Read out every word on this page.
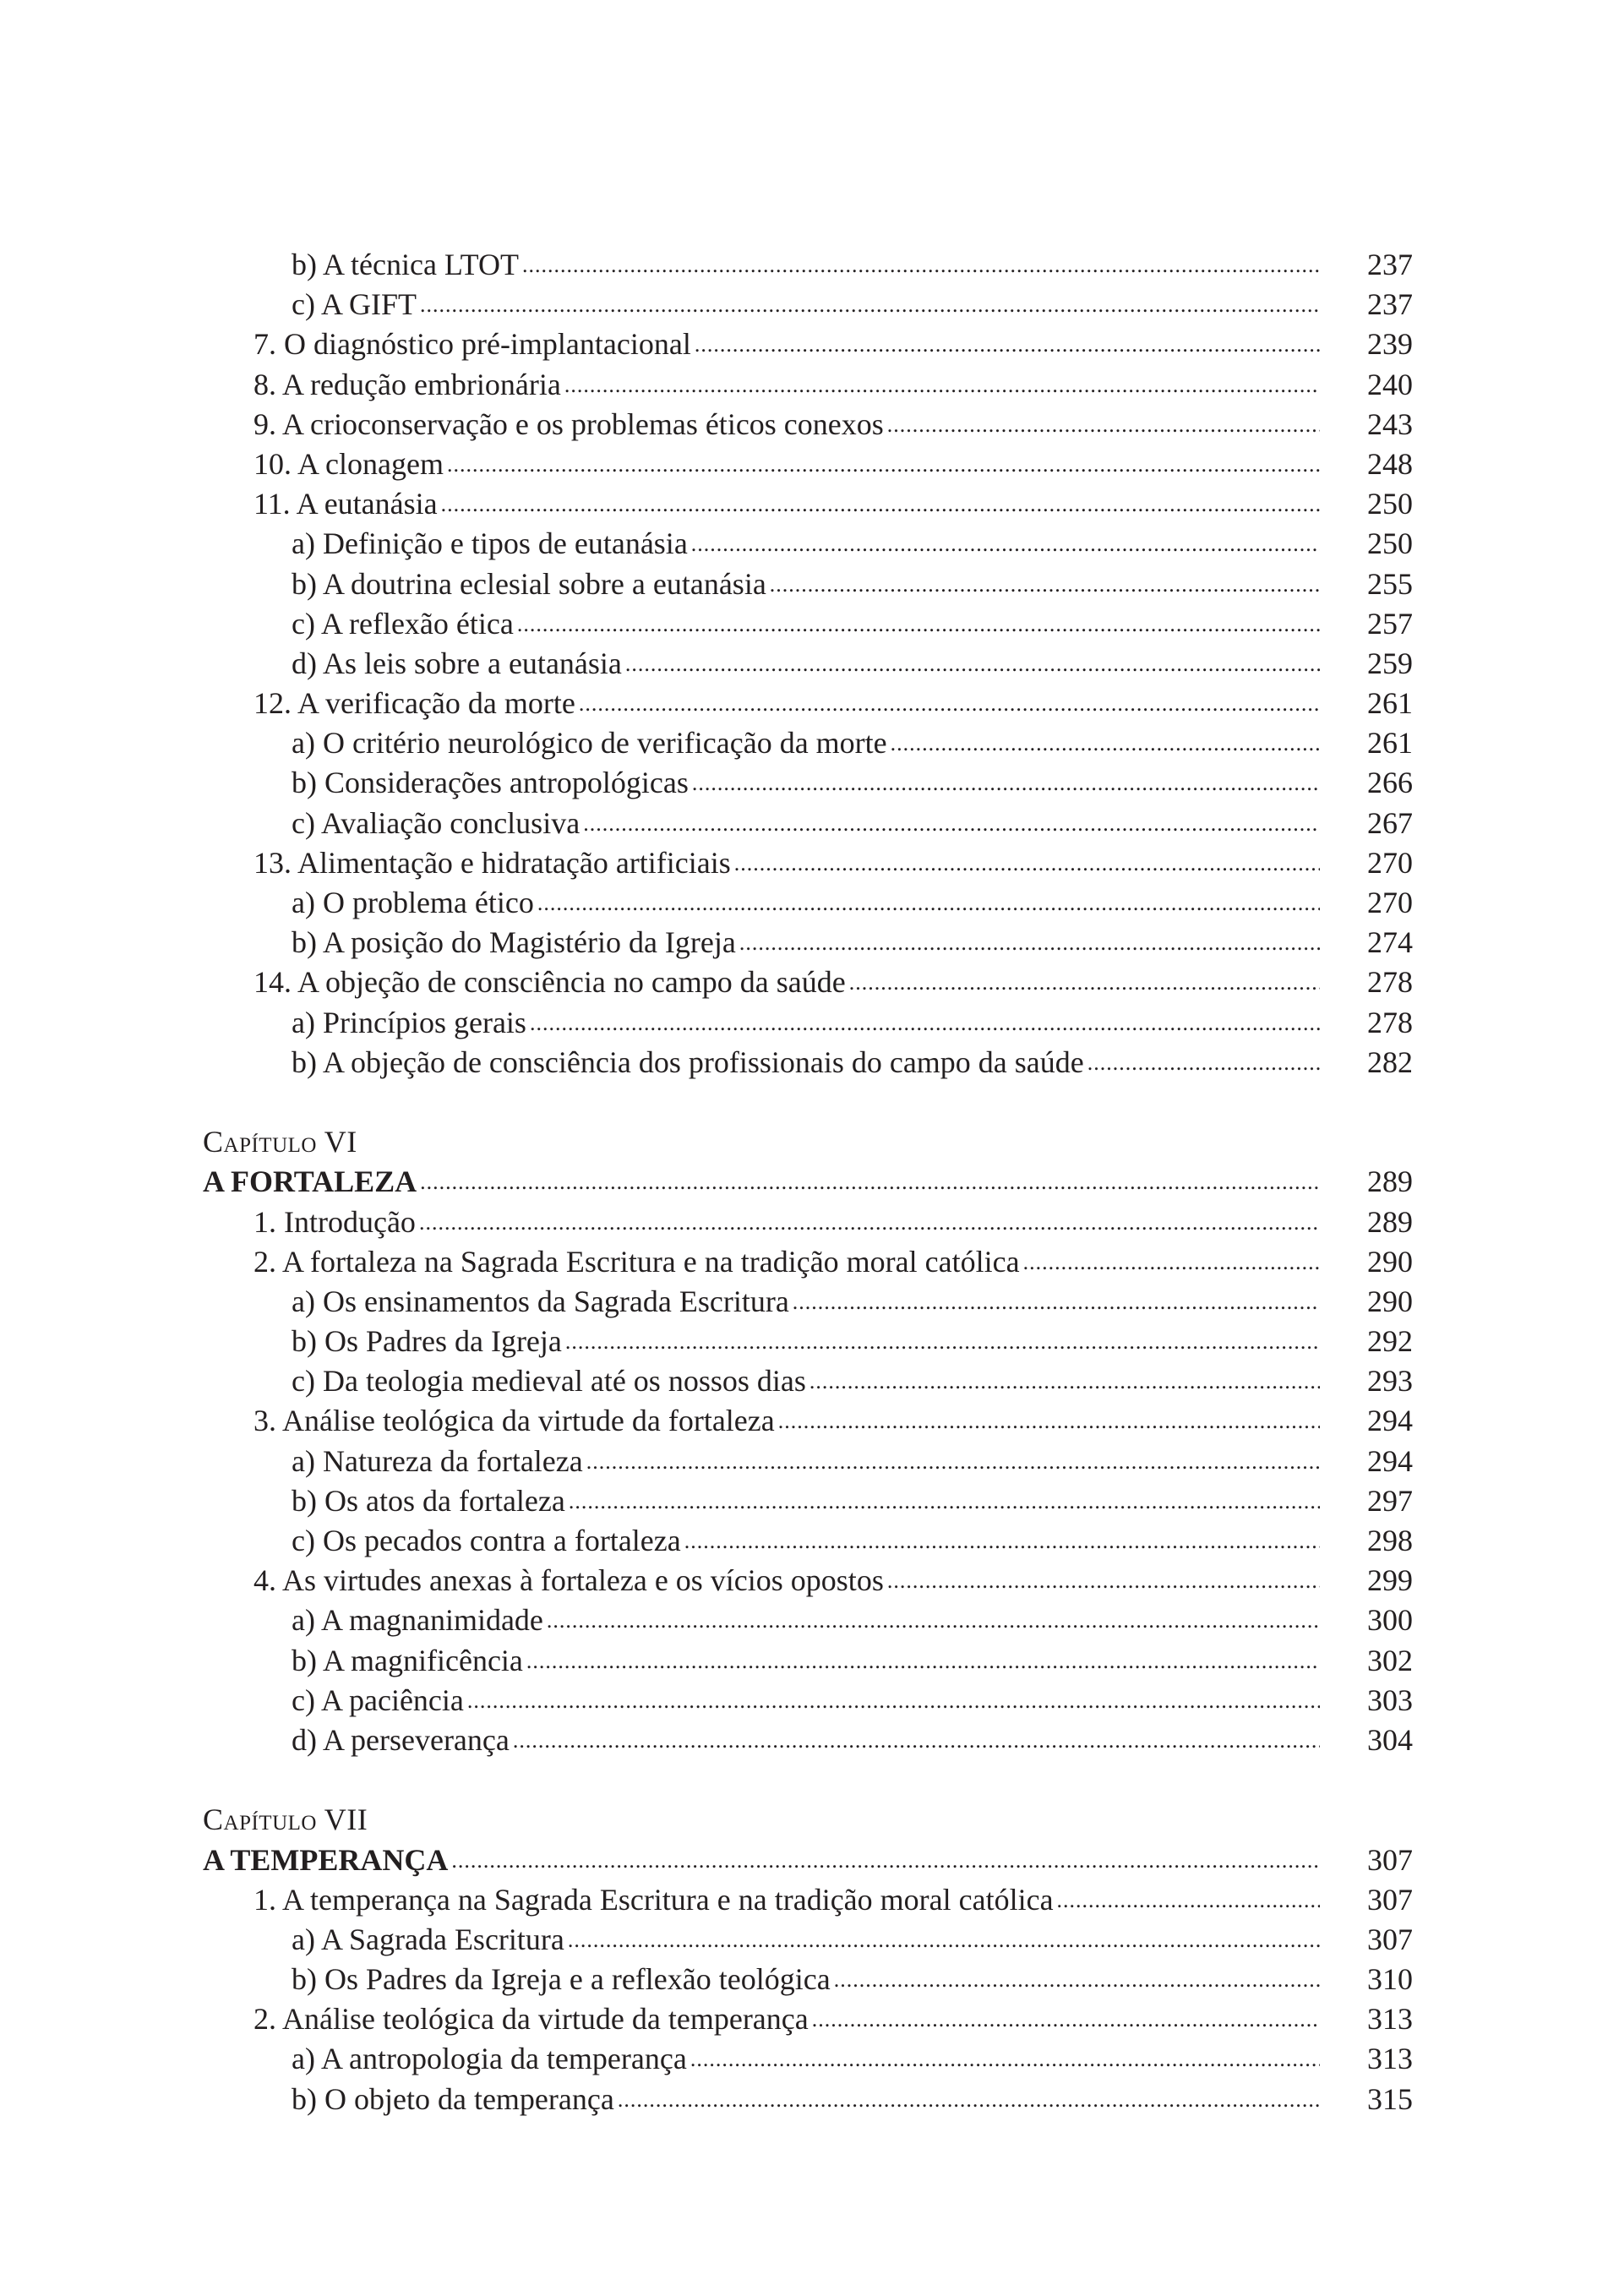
b) A técnica LTOT .....	237
c) A GIFT .....	237
7. O diagnóstico pré-implantacional .....	239
8. A redução embrionária .....	240
9. A crioconservação e os problemas éticos conexos .....	243
10. A clonagem .....	248
11. A eutanásia .....	250
a) Definição e tipos de eutanásia .....	250
b) A doutrina eclesial sobre a eutanásia .....	255
c) A reflexão ética .....	257
d) As leis sobre a eutanásia .....	259
12. A verificação da morte .....	261
a) O critério neurológico de verificação da morte .....	261
b) Considerações antropológicas .....	266
c) Avaliação conclusiva .....	267
13. Alimentação e hidratação artificiais .....	270
a) O problema ético .....	270
b) A posição do Magistério da Igreja .....	274
14. A objeção de consciência no campo da saúde .....	278
a) Princípios gerais .....	278
b) A objeção de consciência dos profissionais do campo da saúde .....	282
Capítulo VI
A FORTALEZA .....	289
1. Introdução .....	289
2. A fortaleza na Sagrada Escritura e na tradição moral católica .....	290
a) Os ensinamentos da Sagrada Escritura .....	290
b) Os Padres da Igreja .....	292
c) Da teologia medieval até os nossos dias .....	293
3. Análise teológica da virtude da fortaleza .....	294
a) Natureza da fortaleza .....	294
b) Os atos da fortaleza .....	297
c) Os pecados contra a fortaleza .....	298
4. As virtudes anexas à fortaleza e os vícios opostos .....	299
a) A magnanimidade .....	300
b) A magnificência .....	302
c) A paciência .....	303
d) A perseverança .....	304
Capítulo VII
A TEMPERANÇA .....	307
1. A temperança na Sagrada Escritura e na tradição moral católica .....	307
a) A Sagrada Escritura .....	307
b) Os Padres da Igreja e a reflexão teológica .....	310
2. Análise teológica da virtude da temperança .....	313
a) A antropologia da temperança .....	313
b) O objeto da temperança .....	315
